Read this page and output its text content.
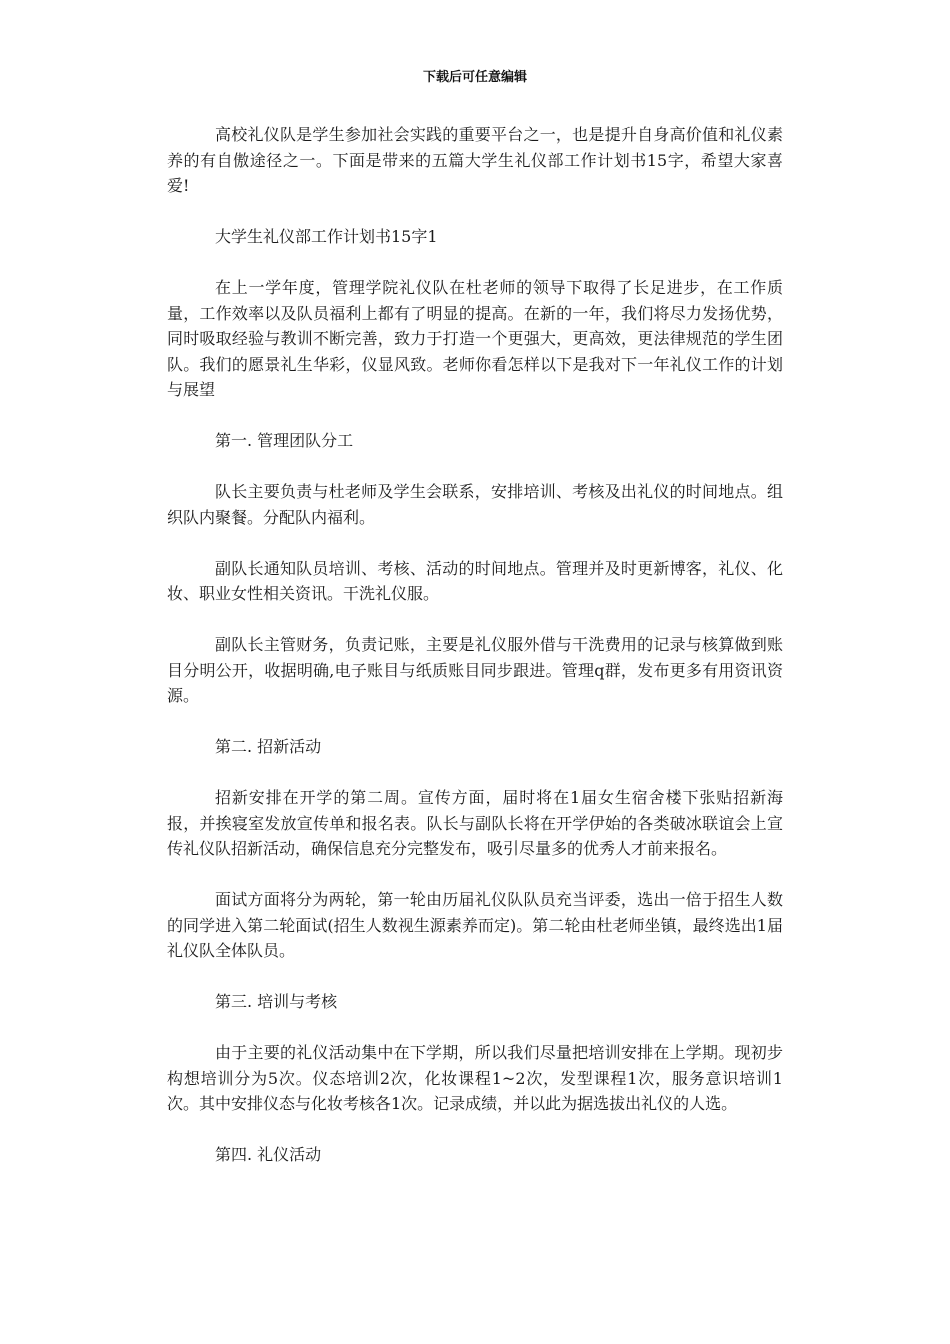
下载后可任意编辑

高校礼仪队是学生参加社会实践的重要平台之一，也是提升自身高价值和礼仪素养的有自傲途径之一。下面是带来的五篇大学生礼仪部工作计划书15字，希望大家喜爱!

大学生礼仪部工作计划书15字1

在上一学年度，管理学院礼仪队在杜老师的领导下取得了长足进步，在工作质量，工作效率以及队员福利上都有了明显的提高。在新的一年，我们将尽力发扬优势，同时吸取经验与教训不断完善，致力于打造一个更强大，更高效，更法律规范的学生团队。我们的愿景礼生华彩，仪显风致。老师你看怎样以下是我对下一年礼仪工作的计划与展望

第一. 管理团队分工

队长主要负责与杜老师及学生会联系，安排培训、考核及出礼仪的时间地点。组织队内聚餐。分配队内福利。

副队长通知队员培训、考核、活动的时间地点。管理并及时更新博客，礼仪、化妆、职业女性相关资讯。干洗礼仪服。

副队长主管财务，负责记账，主要是礼仪服外借与干洗费用的记录与核算做到账目分明公开，收据明确,电子账目与纸质账目同步跟进。管理q群，发布更多有用资讯资源。

第二. 招新活动

招新安排在开学的第二周。宣传方面，届时将在1届女生宿舍楼下张贴招新海报，并挨寝室发放宣传单和报名表。队长与副队长将在开学伊始的各类破冰联谊会上宣传礼仪队招新活动，确保信息充分完整发布，吸引尽量多的优秀人才前来报名。

面试方面将分为两轮，第一轮由历届礼仪队队员充当评委，选出一倍于招生人数的同学进入第二轮面试(招生人数视生源素养而定)。第二轮由杜老师坐镇，最终选出1届礼仪队全体队员。

第三. 培训与考核

由于主要的礼仪活动集中在下学期，所以我们尽量把培训安排在上学期。现初步构想培训分为5次。仪态培训2次，化妆课程1~2次，发型课程1次，服务意识培训1次。其中安排仪态与化妆考核各1次。记录成绩，并以此为据选拔出礼仪的人选。

第四. 礼仪活动
